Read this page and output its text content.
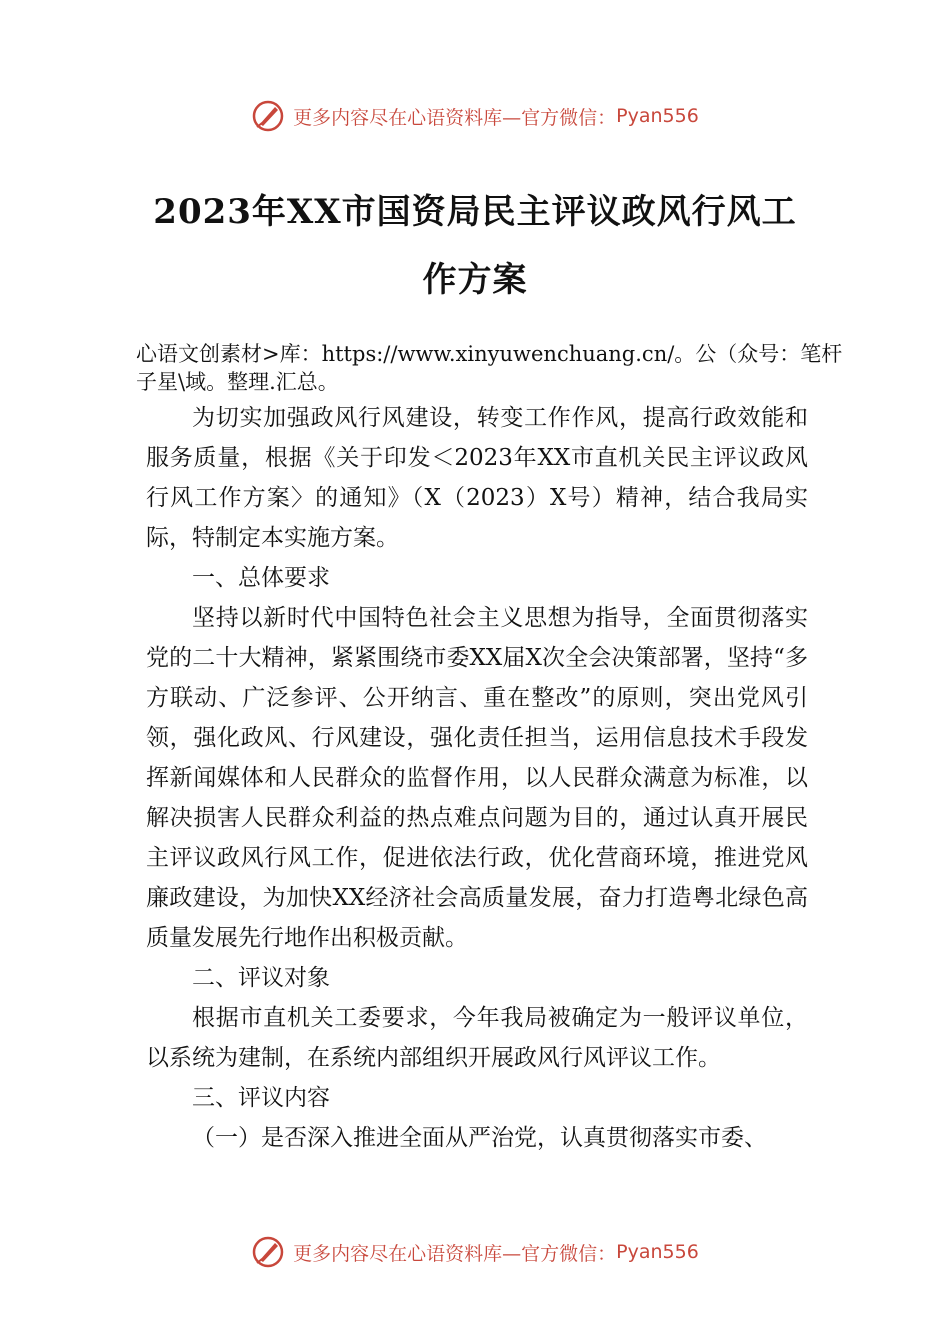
更多内容尽在心语资料库—官方微信： Pyan556
2023年XX市国资局民主评议政风行风工
作方案
心语文创素材>库：https://www.xinyuwenchuang.cn/。公（众号：笔杆子星\域。整理.汇总。

为切实加强政风行风建设，转变工作作风，提高行政效能和服务质量，根据《关于印发＜2023年XX市直机关民主评议政风行风工作方案〉的通知》（X（2023）X号）精神，结合我局实际，特制定本实施方案。

一、总体要求

坚持以新时代中国特色社会主义思想为指导，全面贯彻落实党的二十大精神，紧紧围绕市委XX届X次全会决策部署，坚持“多方联动、广泛参评、公开纳言、重在整改”的原则，突出党风引领，强化政风、行风建设，强化责任担当，运用信息技术手段发挥新闻媒体和人民群众的监督作用，以人民群众满意为标准，以解决损害人民群众利益的热点难点问题为目的，通过认真开展民主评议政风行风工作，促进依法行政，优化营商环境，推进党风廉政建设，为加快XX经济社会高质量发展，奋力打造粤北绿色高质量发展先行地作出积极贡献。

二、评议对象

根据市直机关工委要求，今年我局被确定为一般评议单位，以系统为建制，在系统内部组织开展政风行风评议工作。

三、评议内容

（一）是否深入推进全面从严治党，认真贯彻落实市委、

更多内容尽在心语资料库—官方微信： Pyan556
